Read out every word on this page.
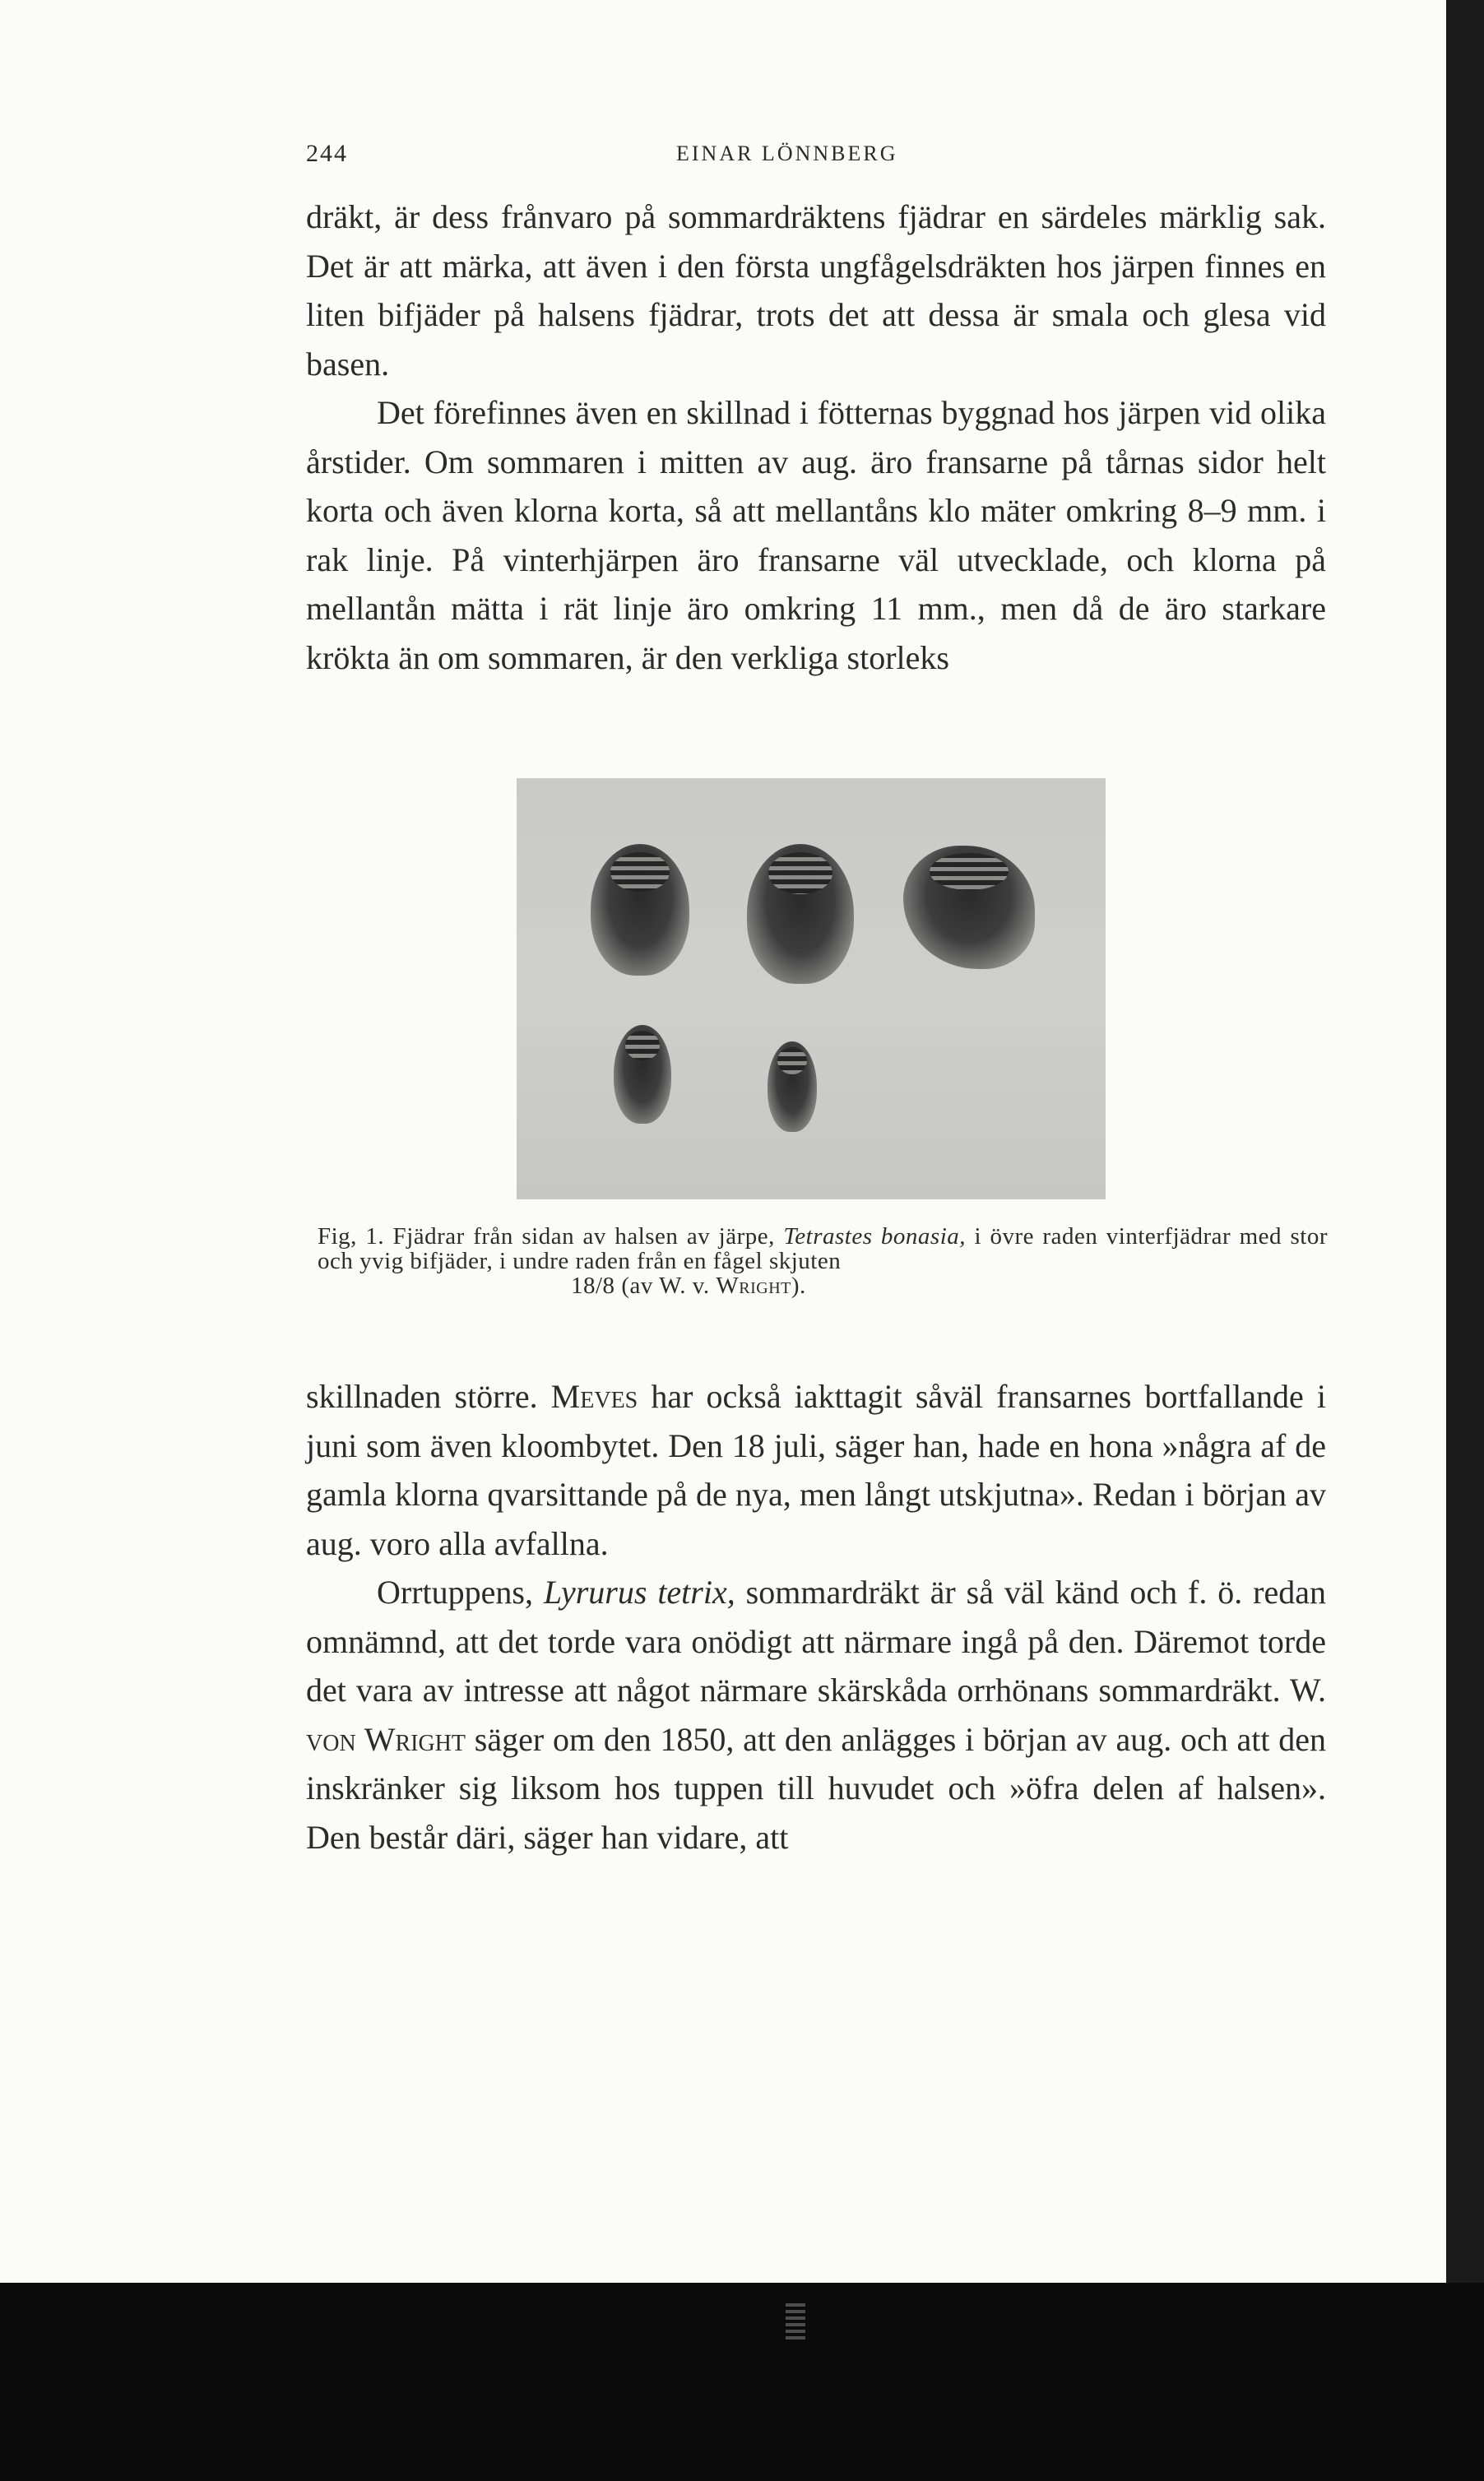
244	EINAR LÖNNBERG

dräkt, är dess frånvaro på sommardräktens fjädrar en särdeles märklig sak. Det är att märka, att även i den första ungfågelsdräkten hos järpen finnes en liten bifjäder på halsens fjädrar, trots det att dessa är smala och glesa vid basen.

Det förefinnes även en skillnad i fötternas byggnad hos järpen vid olika årstider. Om sommaren i mitten av aug. äro fransarne på tårnas sidor helt korta och även klorna korta, så att mellantåns klo mäter omkring 8–9 mm. i rak linje. På vinterhjärpen äro fransarne väl utvecklade, och klorna på mellantån mätta i rät linje äro omkring 11 mm., men då de äro starkare krökta än om sommaren, är den verkliga storleks

Fig, 1. Fjädrar från sidan av halsen av järpe, Tetrastes bonasia, i övre raden vinterfjädrar med stor och yvig bifjäder, i undre raden från en fågel skjuten
18/8 (av W. v. Wright).

skillnaden större. Meves har också iakttagit såväl fransarnes bortfallande i juni som även kloombytet. Den 18 juli, säger han, hade en hona »några af de gamla klorna qvarsittande på de nya, men långt utskjutna». Redan i början av aug. voro alla avfallna.

Orrtuppens, Lyrurus tetrix, sommardräkt är så väl känd och f. ö. redan omnämnd, att det torde vara onödigt att närmare ingå på den. Däremot torde det vara av intresse att något närmare skärskåda orrhönans sommardräkt. W. von Wright säger om den 1850, att den anlägges i början av aug. och att den inskränker sig liksom hos tuppen till huvudet och »öfra delen af halsen». Den består däri, säger han vidare, att
